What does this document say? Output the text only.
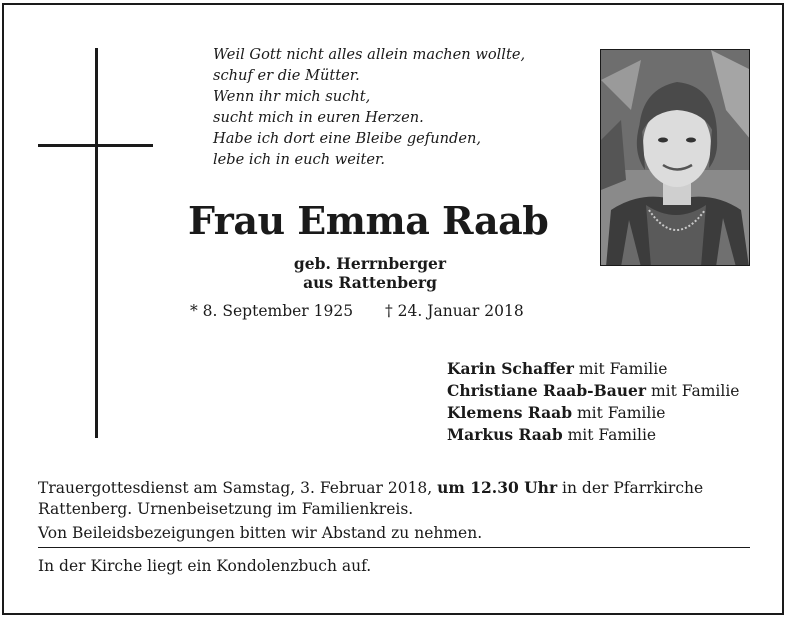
Weil Gott nicht alles allein machen wollte,
schuf er die Mütter.
Wenn ihr mich sucht,
sucht mich in euren Herzen.
Habe ich dort eine Bleibe gefunden,
lebe ich in euch weiter.
Frau Emma Raab
geb. Herrnberger
aus Rattenberg
* 8. September 1925 † 24. Januar 2018
Karin Schaffer mit Familie
Christiane Raab-Bauer mit Familie
Klemens Raab mit Familie
Markus Raab mit Familie
Trauergottesdienst am Samstag, 3. Februar 2018, um 12.30 Uhr in der Pfarrkirche Rattenberg. Urnenbeisetzung im Familienkreis.
Von Beileidsbezeigungen bitten wir Abstand zu nehmen.
In der Kirche liegt ein Kondolenzbuch auf.
